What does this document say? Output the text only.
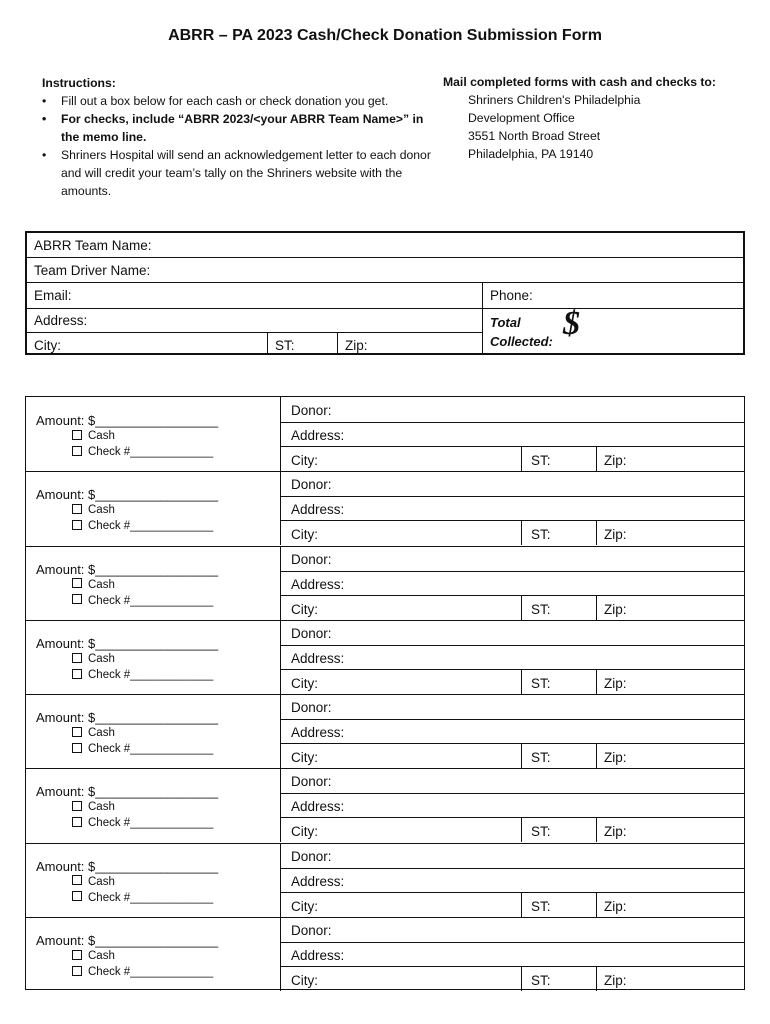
ABRR – PA 2023 Cash/Check Donation Submission Form
Instructions:
• Fill out a box below for each cash or check donation you get.
• For checks, include “ABRR 2023/<your ABRR Team Name>” in the memo line.
• Shriners Hospital will send an acknowledgement letter to each donor and will credit your team’s tally on the Shriners website with the amounts.
Mail completed forms with cash and checks to:
Shriners Children's Philadelphia
Development Office
3551 North Broad Street
Philadelphia, PA 19140
ABRR Team Name:
Team Driver Name:
Email:	Phone:
Address:
City:	ST:	Zip:
Total
Collected: $
Amount: $_________________
Cash
Check #_____________
Donor:
Address:
City:	ST:	Zip:
Amount: $_________________
Cash
Check #_____________
Donor:
Address:
City:	ST:	Zip:
Amount: $_________________
Cash
Check #_____________
Donor:
Address:
City:	ST:	Zip:
Amount: $_________________
Cash
Check #_____________
Donor:
Address:
City:	ST:	Zip:
Amount: $_________________
Cash
Check #_____________
Donor:
Address:
City:	ST:	Zip:
Amount: $_________________
Cash
Check #_____________
Donor:
Address:
City:	ST:	Zip:
Amount: $_________________
Cash
Check #_____________
Donor:
Address:
City:	ST:	Zip:
Amount: $_________________
Cash
Check #_____________
Donor:
Address:
City:	ST:	Zip:
